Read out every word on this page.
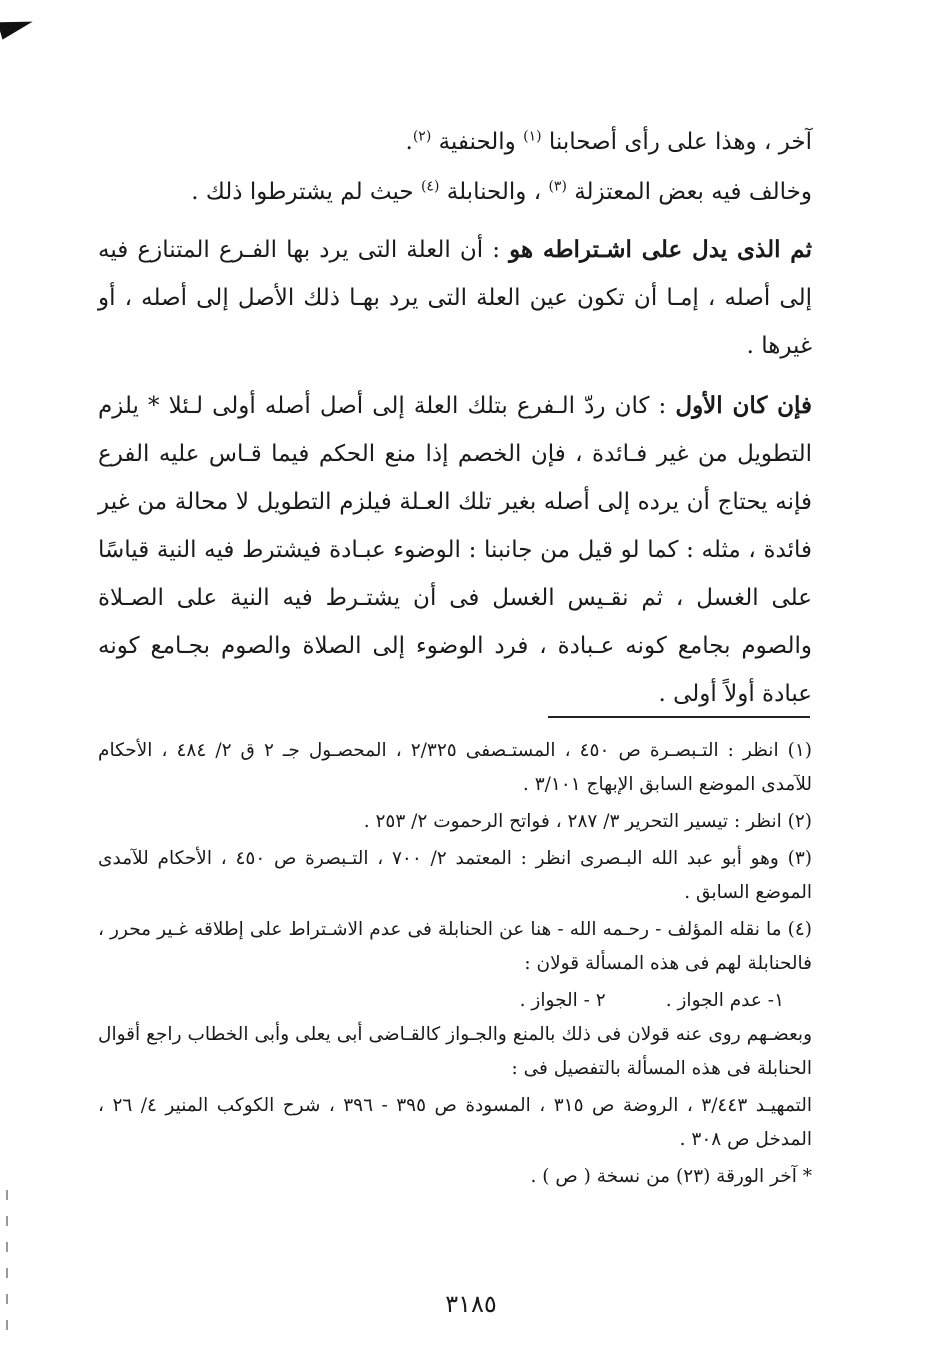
آخر ، وهذا على رأى أصحابنا $^{(١)}$ والحنفية $^{(٢)}$.

وخالف فيه بعض المعتزلة $^{(٣)}$ ، والحنابلة $^{(٤)}$ حيث لم يشترطوا ذلك .

ثم الذى يدل على اشـتراطه هو : أن العلة التى يرد بها الفـرع المتنازع فيه إلى أصله ، إمـا أن تكون عين العلة التى يرد بهـا ذلك الأصل إلى أصله ، أو غيرها .

فإن كان الأول : كان ردّ الـفرع بتلك العلة إلى أصل أصله أولى لـئلا * يلزم التطويل من غير فـائدة ، فإن الخصم إذا منع الحكم فيما قـاس عليه الفرع فإنه يحتاج أن يرده إلى أصله بغير تلك العـلة فيلزم التطويل لا محالة من غير فائدة ، مثله : كما لو قيل من جانبنا : الوضوء عبـادة فيشترط فيه النية قياسًا على الغسل ، ثم نقـيس الغسل فى أن يشتـرط فيه النية على الصـلاة والصوم بجامع كونه عـبادة ، فرد الوضوء إلى الصلاة والصوم بجـامع كونه عبادة أولاً أولى .

(١) انظر : التـبصـرة ص ٤٥٠ ، المستـصفى ٢/٣٢٥ ، المحصـول جـ ٢ ق ٢/ ٤٨٤ ، الأحكام للآمدى الموضع السابق الإبهاج ٣/١٠١ .

(٢) انظر : تيسير التحرير ٣/ ٢٨٧ ، فواتح الرحموت ٢/ ٢٥٣ .

(٣) وهو أبو عبد الله البـصرى انظر : المعتمد ٢/ ٧٠٠ ، التـبصرة ص ٤٥٠ ، الأحكام للآمدى الموضع السابق .

(٤) ما نقله المؤلف - رحـمه الله - هنا عن الحنابلة فى عدم الاشـتراط على إطلاقه غـير محرر ، فالحنابلة لهم فى هذه المسألة قولان :

١- عدم الجواز .٢ - الجواز .

وبعضـهم روى عنه قولان فى ذلك بالمنع والجـواز كالقـاضى أبى يعلى وأبى الخطاب راجع أقوال الحنابلة فى هذه المسألة بالتفصيل فى :

التمهيـد ٣/٤٤٣ ، الروضة ص ٣١٥ ، المسودة ص ٣٩٥ - ٣٩٦ ، شرح الكوكب المنير ٤/ ٢٦ ، المدخل ص ٣٠٨ .

* آخر الورقة (٢٣) من نسخة ( ص ) .

٣١٨٥
